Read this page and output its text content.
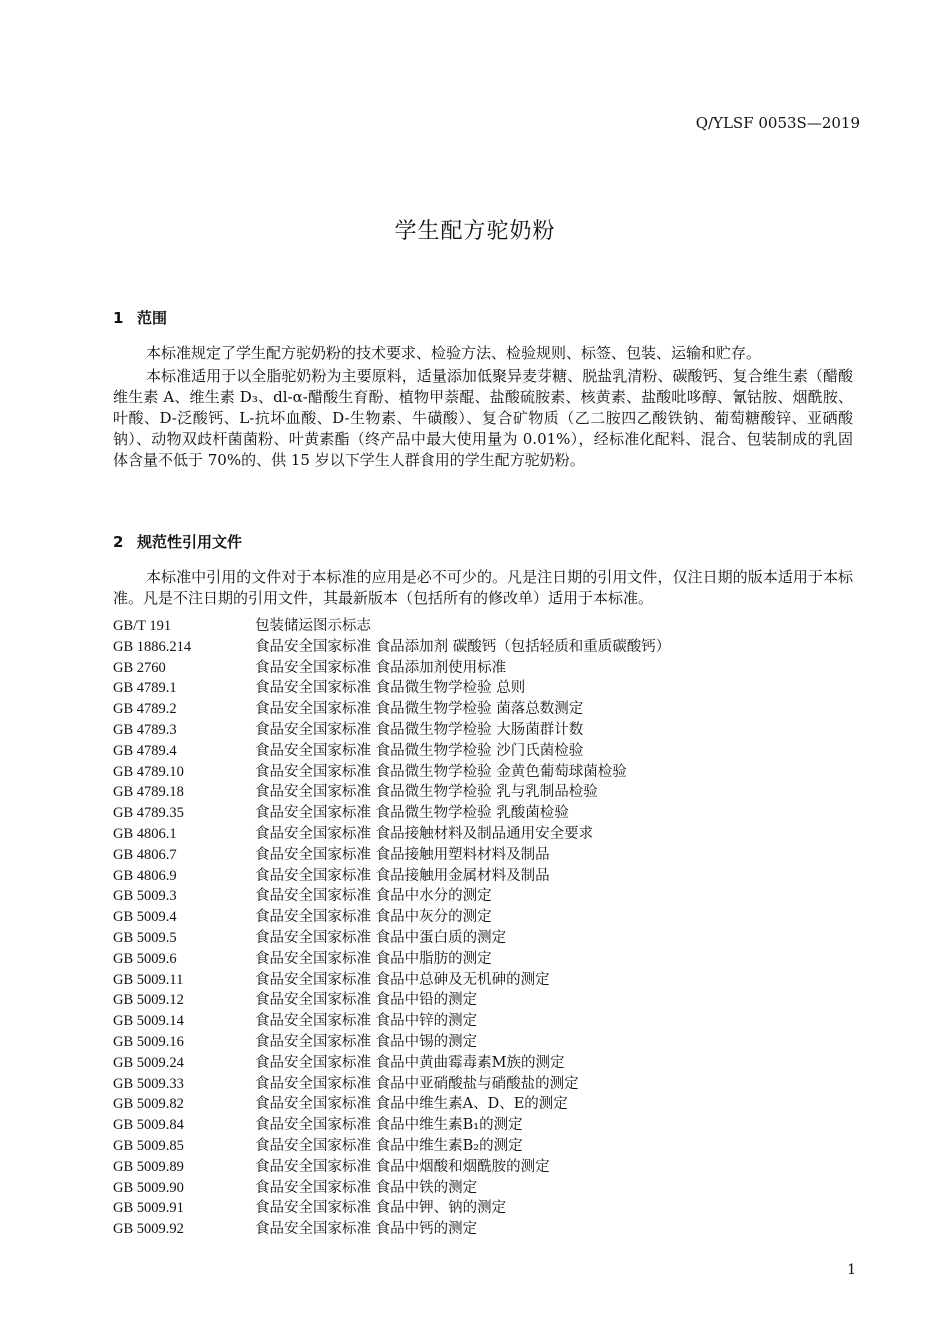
Q/YLSF 0053S—2019
学生配方驼奶粉
1 范围

本标准规定了学生配方驼奶粉的技术要求、检验方法、检验规则、标签、包装、运输和贮存。

本标准适用于以全脂驼奶粉为主要原料，适量添加低聚异麦芽糖、脱盐乳清粉、碳酸钙、复合维生素（醋酸维生素 A、维生素 D₃、dl-α-醋酸生育酚、植物甲萘醌、盐酸硫胺素、核黄素、盐酸吡哆醇、氰钴胺、烟酰胺、叶酸、D-泛酸钙、L-抗坏血酸、D-生物素、牛磺酸）、复合矿物质（乙二胺四乙酸铁钠、葡萄糖酸锌、亚硒酸钠）、动物双歧杆菌菌粉、叶黄素酯（终产品中最大使用量为 0.01%），经标准化配料、混合、包装制成的乳固体含量不低于 70%的、供 15 岁以下学生人群食用的学生配方驼奶粉。

2 规范性引用文件

本标准中引用的文件对于本标准的应用是必不可少的。凡是注日期的引用文件，仅注日期的版本适用于本标准。凡是不注日期的引用文件，其最新版本（包括所有的修改单）适用于本标准。

GB/T 191	包装储运图示标志
GB 1886.214	食品安全国家标准 食品添加剂 碳酸钙（包括轻质和重质碳酸钙）
GB 2760	食品安全国家标准 食品添加剂使用标准
GB 4789.1	食品安全国家标准 食品微生物学检验 总则
GB 4789.2	食品安全国家标准 食品微生物学检验 菌落总数测定
GB 4789.3	食品安全国家标准 食品微生物学检验 大肠菌群计数
GB 4789.4	食品安全国家标准 食品微生物学检验 沙门氏菌检验
GB 4789.10	食品安全国家标准 食品微生物学检验 金黄色葡萄球菌检验
GB 4789.18	食品安全国家标准 食品微生物学检验 乳与乳制品检验
GB 4789.35	食品安全国家标准 食品微生物学检验 乳酸菌检验
GB 4806.1	食品安全国家标准 食品接触材料及制品通用安全要求
GB 4806.7	食品安全国家标准 食品接触用塑料材料及制品
GB 4806.9	食品安全国家标准 食品接触用金属材料及制品
GB 5009.3	食品安全国家标准 食品中水分的测定
GB 5009.4	食品安全国家标准 食品中灰分的测定
GB 5009.5	食品安全国家标准 食品中蛋白质的测定
GB 5009.6	食品安全国家标准 食品中脂肪的测定
GB 5009.11	食品安全国家标准 食品中总砷及无机砷的测定
GB 5009.12	食品安全国家标准 食品中铅的测定
GB 5009.14	食品安全国家标准 食品中锌的测定
GB 5009.16	食品安全国家标准 食品中锡的测定
GB 5009.24	食品安全国家标准 食品中黄曲霉毒素M族的测定
GB 5009.33	食品安全国家标准 食品中亚硝酸盐与硝酸盐的测定
GB 5009.82	食品安全国家标准 食品中维生素A、D、E的测定
GB 5009.84	食品安全国家标准 食品中维生素B₁的测定
GB 5009.85	食品安全国家标准 食品中维生素B₂的测定
GB 5009.89	食品安全国家标准 食品中烟酸和烟酰胺的测定
GB 5009.90	食品安全国家标准 食品中铁的测定
GB 5009.91	食品安全国家标准 食品中钾、钠的测定
GB 5009.92	食品安全国家标准 食品中钙的测定
1
